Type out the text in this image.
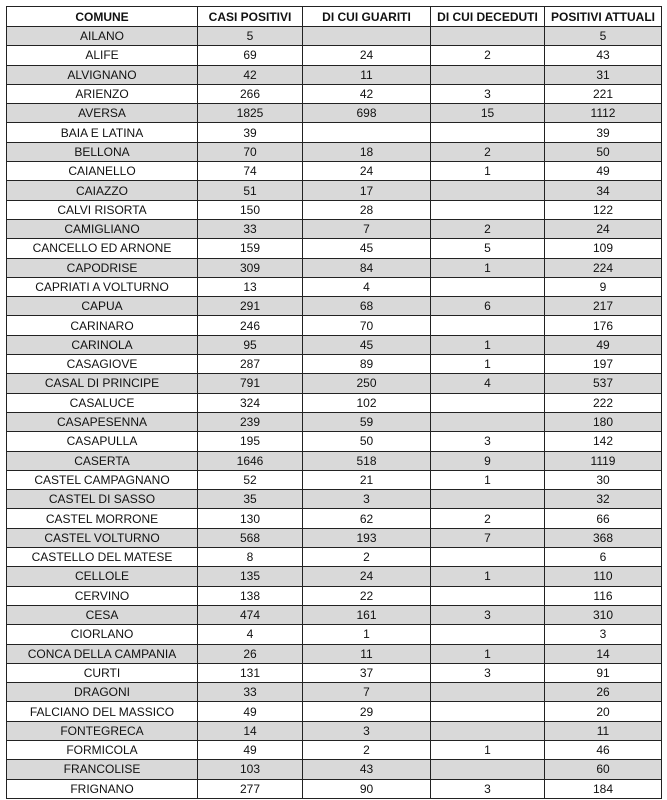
COMUNE	CASI POSITIVI	DI CUI GUARITI	DI CUI DECEDUTI	POSITIVI ATTUALI
AILANO	5			5
ALIFE	69	24	2	43
ALVIGNANO	42	11		31
ARIENZO	266	42	3	221
AVERSA	1825	698	15	1112
BAIA E LATINA	39			39
BELLONA	70	18	2	50
CAIANELLO	74	24	1	49
CAIAZZO	51	17		34
CALVI RISORTA	150	28		122
CAMIGLIANO	33	7	2	24
CANCELLO ED ARNONE	159	45	5	109
CAPODRISE	309	84	1	224
CAPRIATI A VOLTURNO	13	4		9
CAPUA	291	68	6	217
CARINARO	246	70		176
CARINOLA	95	45	1	49
CASAGIOVE	287	89	1	197
CASAL DI PRINCIPE	791	250	4	537
CASALUCE	324	102		222
CASAPESENNA	239	59		180
CASAPULLA	195	50	3	142
CASERTA	1646	518	9	1119
CASTEL CAMPAGNANO	52	21	1	30
CASTEL DI SASSO	35	3		32
CASTEL MORRONE	130	62	2	66
CASTEL VOLTURNO	568	193	7	368
CASTELLO DEL MATESE	8	2		6
CELLOLE	135	24	1	110
CERVINO	138	22		116
CESA	474	161	3	310
CIORLANO	4	1		3
CONCA DELLA CAMPANIA	26	11	1	14
CURTI	131	37	3	91
DRAGONI	33	7		26
FALCIANO DEL MASSICO	49	29		20
FONTEGRECA	14	3		11
FORMICOLA	49	2	1	46
FRANCOLISE	103	43		60
FRIGNANO	277	90	3	184
